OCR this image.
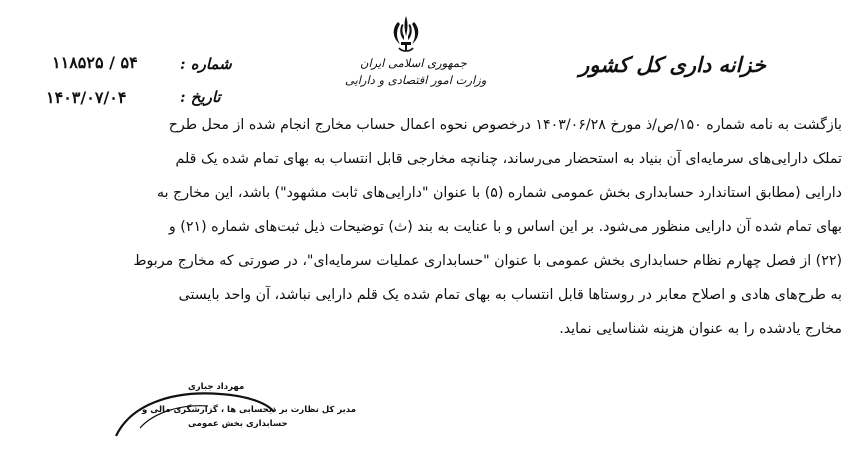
خزانه داری کل کشور
جمهوری اسلامی ایران
وزارت امور اقتصادی و دارایی
شماره :
۵۴ / ۱۱۸۵۲۵
تاریخ :
۱۴۰۳/۰۷/۰۴
بازگشت به نامه شماره ۱۵۰/ص/ذ مورخ ۱۴۰۳/۰۶/۲۸ درخصوص نحوه اعمال حساب مخارج انجام شده از محل طرح
تملک دارایی‌های سرمایه‌ای آن بنیاد به استحضار می‌رساند، چنانچه مخارجی قابل انتساب به بهای تمام شده یک قلم
دارایی (مطابق استاندارد حسابداری بخش عمومی شماره (۵) با عنوان "دارایی‌های ثابت مشهود") باشد، این مخارج به
بهای تمام شده آن دارایی منظور می‌شود. بر این اساس و با عنایت به بند (ث) توضیحات ذیل ثبت‌های شماره (۲۱) و
(۲۲) از فصل چهارم نظام حسابداری بخش عمومی با عنوان "حسابداری عملیات سرمایه‌ای"، در صورتی که مخارج مربوط
به طرح‌های هادی و اصلاح معابر در روستاها قابل انتساب به بهای تمام شده یک قلم دارایی نباشد، آن واحد بایستی
مخارج یادشده را به عنوان هزینه شناسایی نماید.
مهرداد جباری
مدیر کل نظارت بر ذیحسابی ها ، گزارشگری مالی و
حسابداری بخش عمومی
